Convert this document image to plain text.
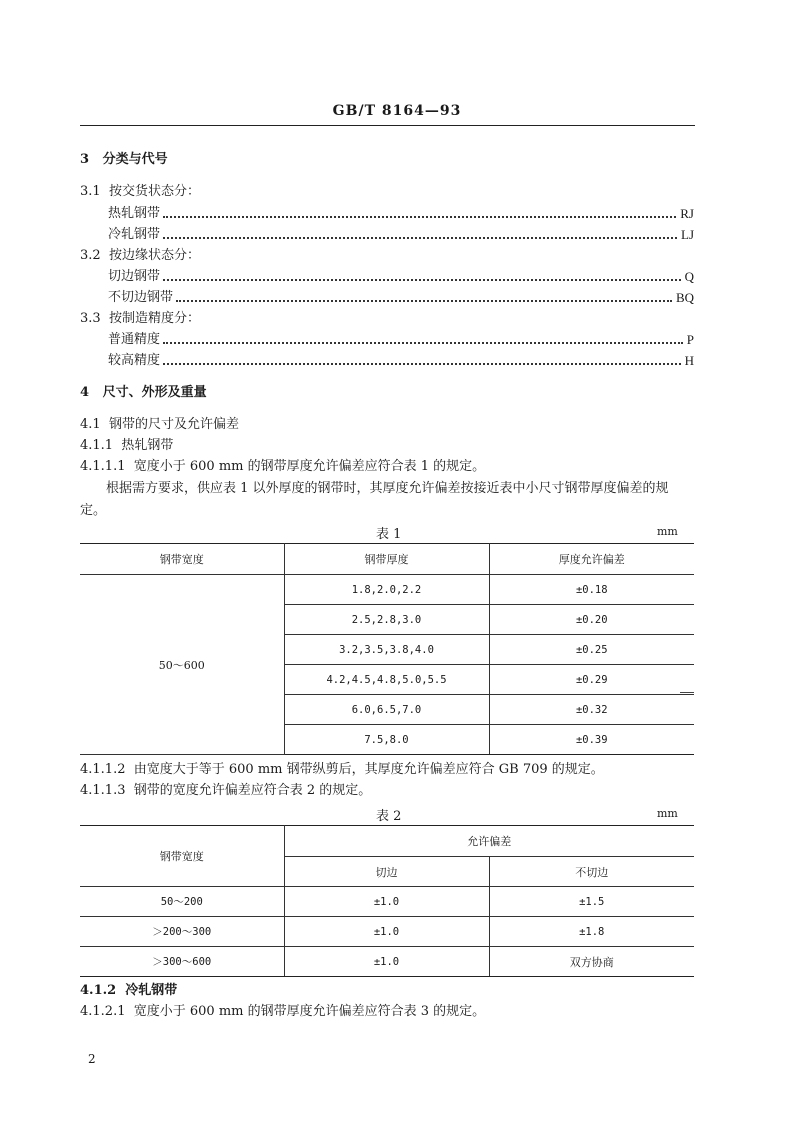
GB/T 8164—93
3 分类与代号
3.1 按交货状态分：
热轧钢带	RJ
冷轧钢带	LJ
3.2 按边缘状态分：
切边钢带	Q
不切边钢带	BQ
3.3 按制造精度分：
普通精度	P
较高精度	H
4 尺寸、外形及重量
4.1 钢带的尺寸及允许偏差
4.1.1 热轧钢带
4.1.1.1 宽度小于 600 mm 的钢带厚度允许偏差应符合表 1 的规定。
根据需方要求，供应表 1 以外厚度的钢带时，其厚度允许偏差按接近表中小尺寸钢带厚度偏差的规定。
表 1	mm
钢带宽度	钢带厚度	厚度允许偏差
50～600	1.8,2.0,2.2	±0.18
	2.5,2.8,3.0	±0.20
	3.2,3.5,3.8,4.0	±0.25
	4.2,4.5,4.8,5.0,5.5	±0.29
	6.0,6.5,7.0	±0.32
	7.5,8.0	±0.39
4.1.1.2 由宽度大于等于 600 mm 钢带纵剪后，其厚度允许偏差应符合 GB 709 的规定。
4.1.1.3 钢带的宽度允许偏差应符合表 2 的规定。
表 2	mm
钢带宽度	允许偏差	
	切边	不切边
50～200	±1.0	±1.5
＞200～300	±1.0	±1.8
＞300～600	±1.0	双方协商
4.1.2 冷轧钢带
4.1.2.1 宽度小于 600 mm 的钢带厚度允许偏差应符合表 3 的规定。
2
